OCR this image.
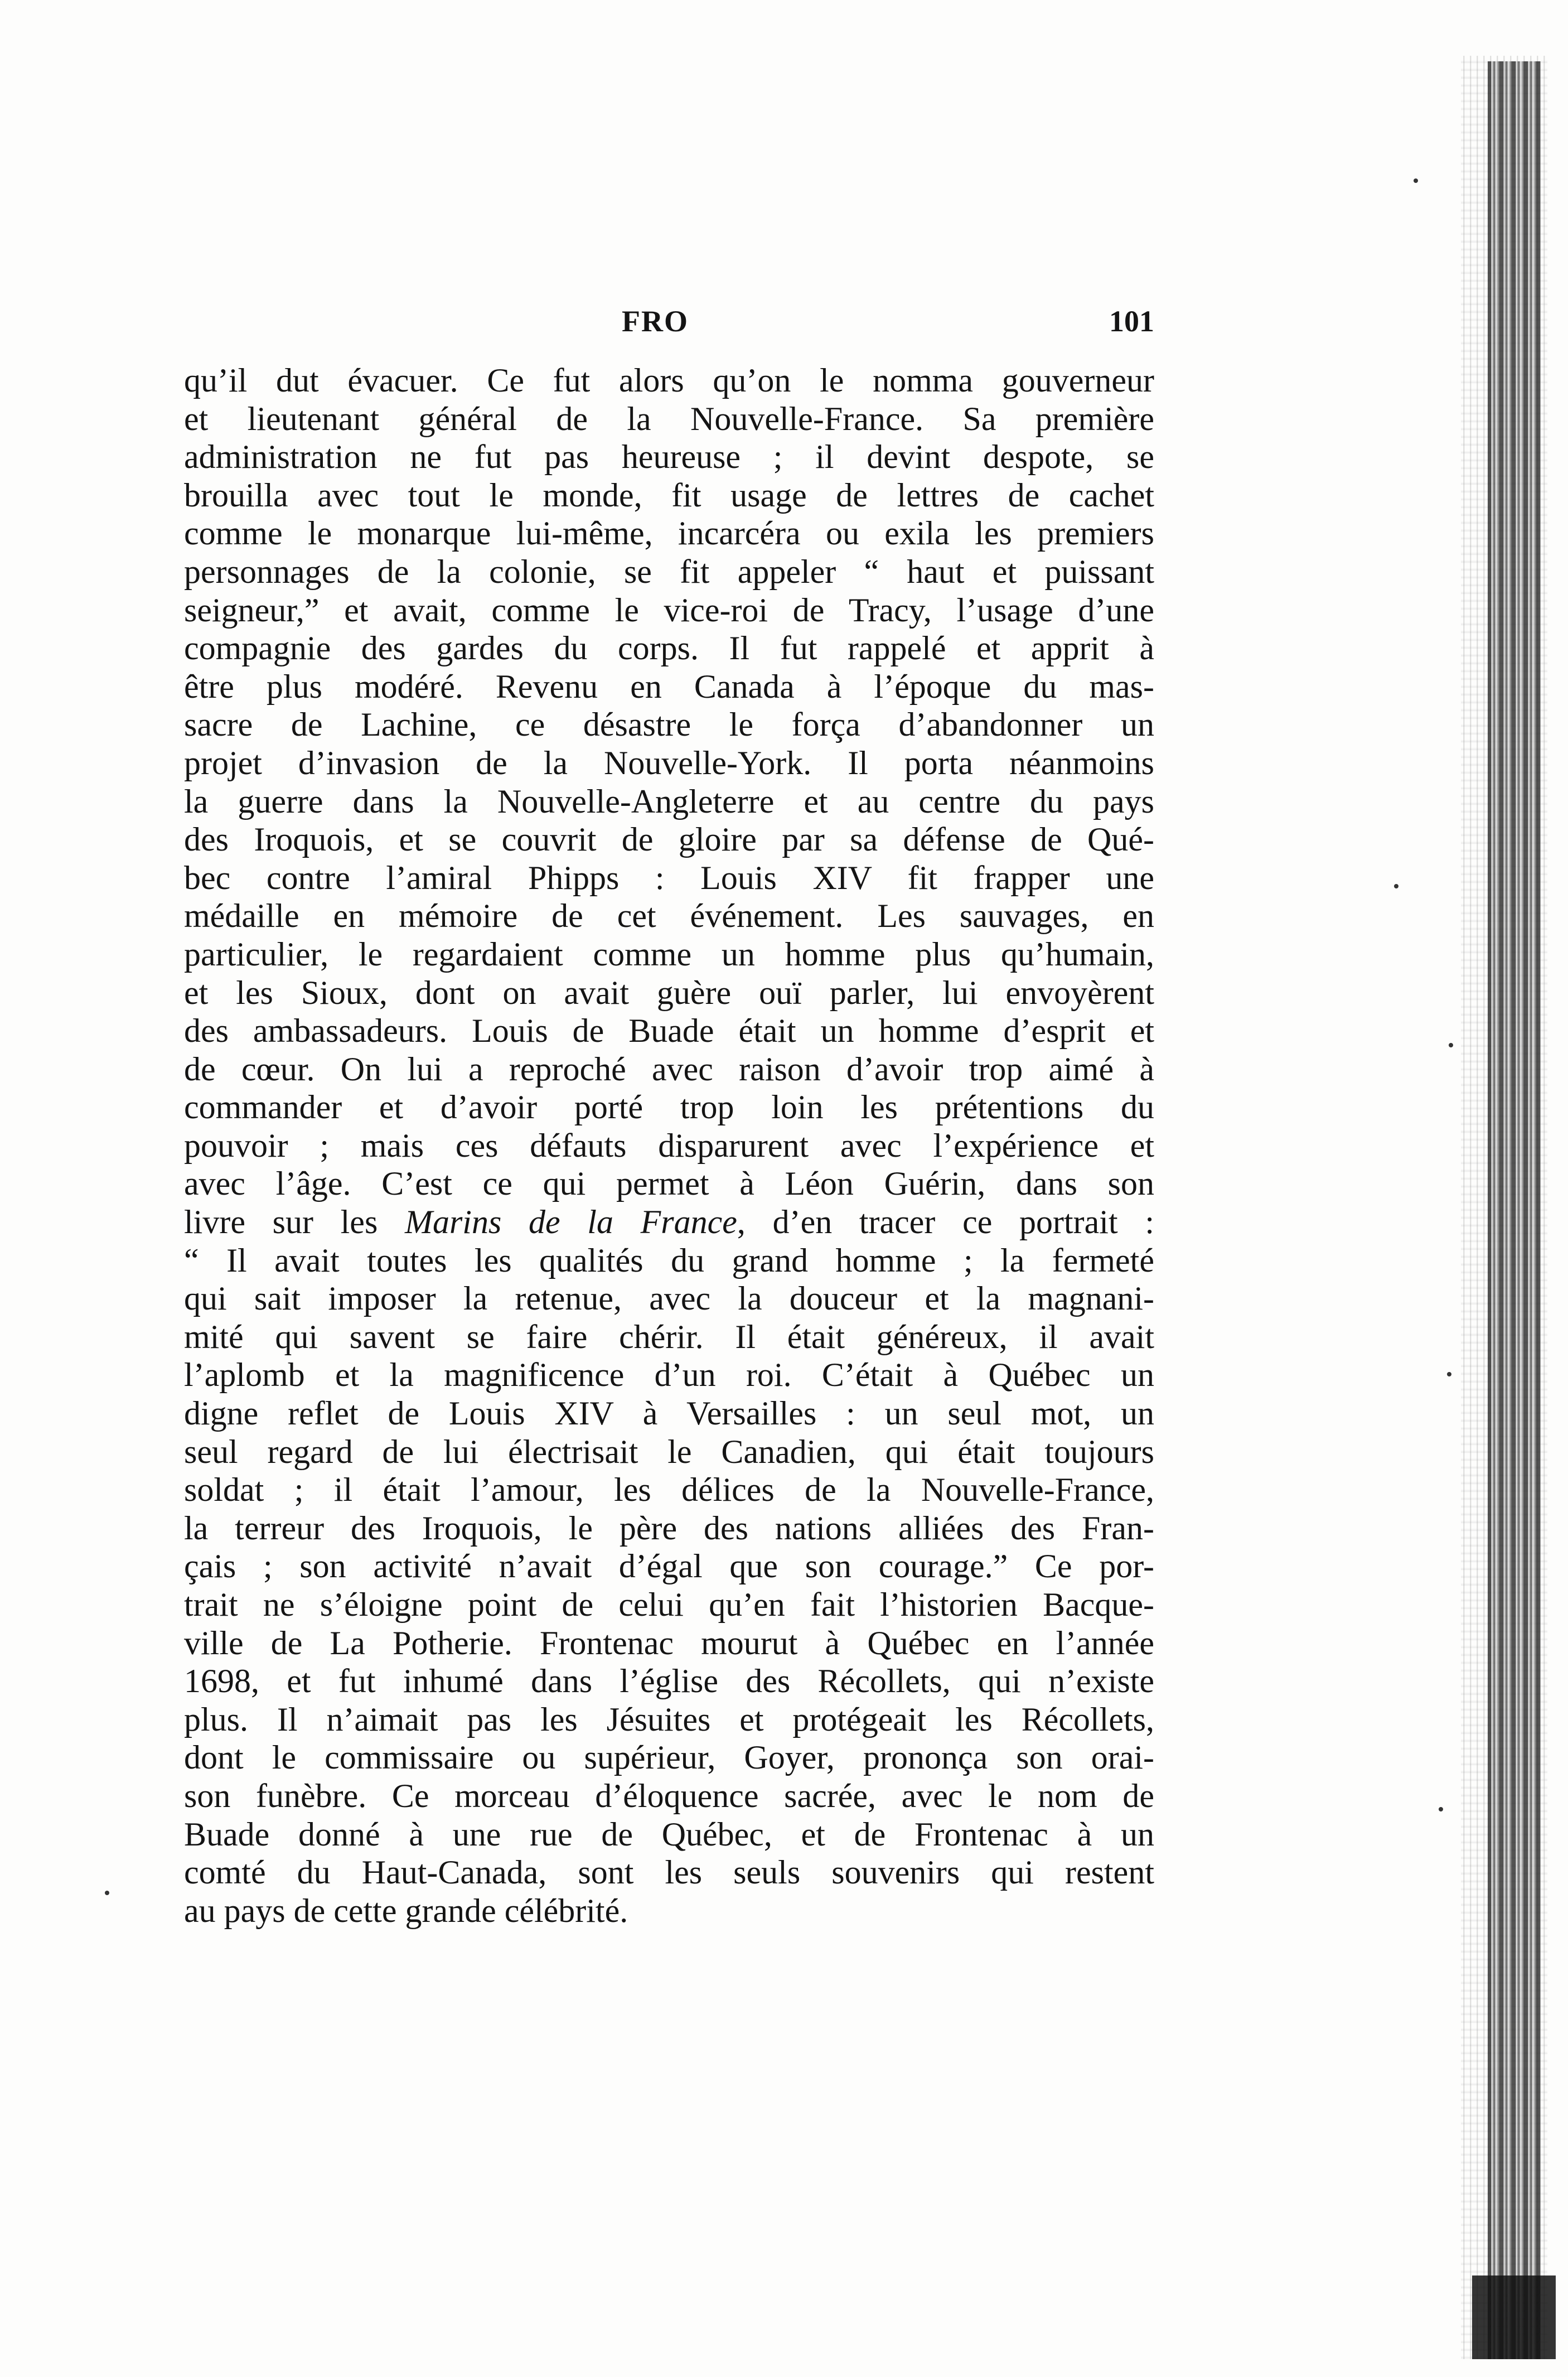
FRO	101
qu’il dut évacuer. Ce fut alors qu’on le nomma gouverneur
et lieutenant général de la Nouvelle-France. Sa première
administration ne fut pas heureuse ; il devint despote, se
brouilla avec tout le monde, fit usage de lettres de cachet
comme le monarque lui-même, incarcéra ou exila les premiers
personnages de la colonie, se fit appeler “ haut et puissant
seigneur,” et avait, comme le vice-roi de Tracy, l’usage d’une
compagnie des gardes du corps. Il fut rappelé et apprit à
être plus modéré. Revenu en Canada à l’époque du mas-
sacre de Lachine, ce désastre le força d’abandonner un
projet d’invasion de la Nouvelle-York. Il porta néanmoins
la guerre dans la Nouvelle-Angleterre et au centre du pays
des Iroquois, et se couvrit de gloire par sa défense de Qué-
bec contre l’amiral Phipps : Louis XIV fit frapper une
médaille en mémoire de cet événement. Les sauvages, en
particulier, le regardaient comme un homme plus qu’humain,
et les Sioux, dont on avait guère ouï parler, lui envoyèrent
des ambassadeurs. Louis de Buade était un homme d’esprit et
de cœur. On lui a reproché avec raison d’avoir trop aimé à
commander et d’avoir porté trop loin les prétentions du
pouvoir ; mais ces défauts disparurent avec l’expérience et
avec l’âge. C’est ce qui permet à Léon Guérin, dans son
livre sur les Marins de la France, d’en tracer ce portrait :
“ Il avait toutes les qualités du grand homme ; la fermeté
qui sait imposer la retenue, avec la douceur et la magnani-
mité qui savent se faire chérir. Il était généreux, il avait
l’aplomb et la magnificence d’un roi. C’était à Québec un
digne reflet de Louis XIV à Versailles : un seul mot, un
seul regard de lui électrisait le Canadien, qui était toujours
soldat ; il était l’amour, les délices de la Nouvelle-France,
la terreur des Iroquois, le père des nations alliées des Fran-
çais ; son activité n’avait d’égal que son courage.” Ce por-
trait ne s’éloigne point de celui qu’en fait l’historien Bacque-
ville de La Potherie. Frontenac mourut à Québec en l’année
1698, et fut inhumé dans l’église des Récollets, qui n’existe
plus. Il n’aimait pas les Jésuites et protégeait les Récollets,
dont le commissaire ou supérieur, Goyer, prononça son orai-
son funèbre. Ce morceau d’éloquence sacrée, avec le nom de
Buade donné à une rue de Québec, et de Frontenac à un
comté du Haut-Canada, sont les seuls souvenirs qui restent
au pays de cette grande célébrité.
